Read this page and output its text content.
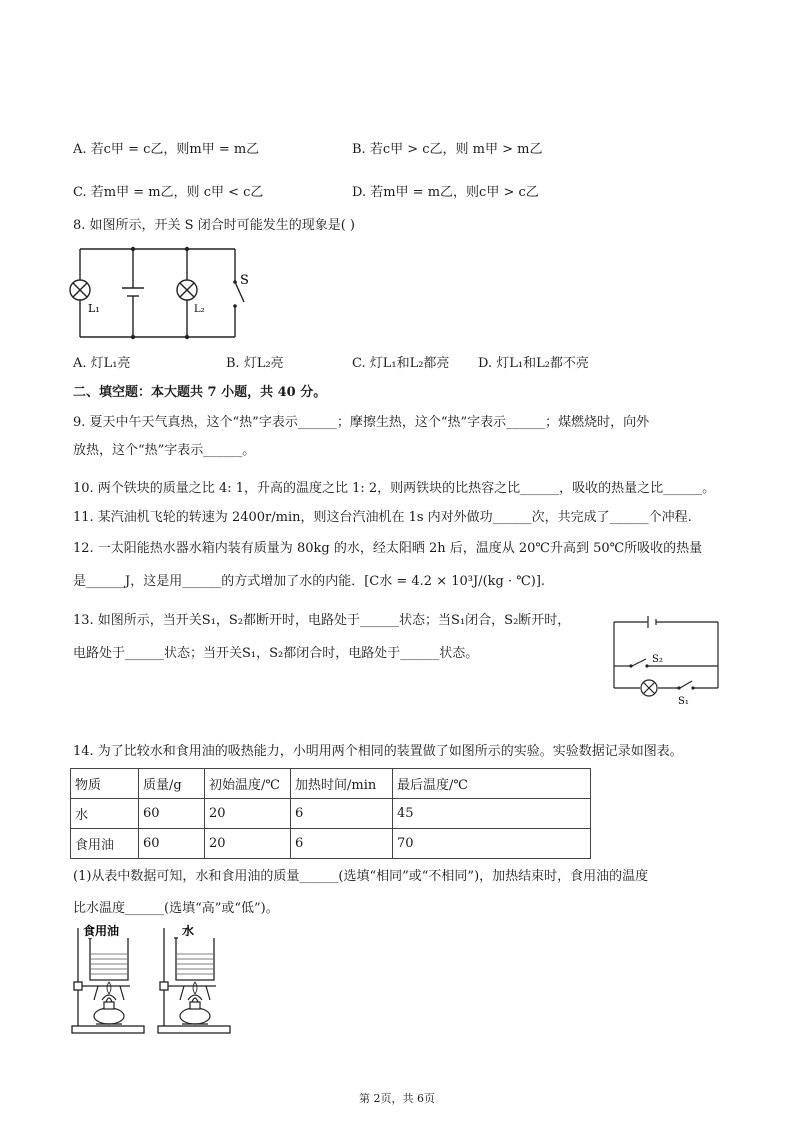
A. 若c甲 = c乙，则m甲 = m乙	B. 若c甲 > c乙，则 m甲 > m乙
C. 若m甲 = m乙，则 c甲 < c乙	D. 若m甲 = m乙，则c甲 > c乙
8. 如图所示，开关 S 闭合时可能发生的现象是( )
S
L₁	L₂
A. 灯L₁亮	B. 灯L₂亮	C. 灯L₁和L₂都亮 D. 灯L₁和L₂都不亮
二、填空题：本大题共 7 小题，共 40 分。
9. 夏天中午天气真热，这个“热”字表示______；摩擦生热，这个“热”字表示______；煤燃烧时，向外
放热，这个“热”字表示______。
10. 两个铁块的质量之比 4: 1，升高的温度之比 1: 2，则两铁块的比热容之比______，吸收的热量之比______。
11. 某汽油机飞轮的转速为 2400r/min，则这台汽油机在 1s 内对外做功______次，共完成了______个冲程.
12. 一太阳能热水器水箱内装有质量为 80kg 的水，经太阳晒 2h 后，温度从 20℃升高到 50℃所吸收的热量
是______J，这是用______的方式增加了水的内能．[C水 = 4.2 × 10³J/(kg · ℃)].
13. 如图所示，当开关S₁，S₂都断开时，电路处于______状态；当S₁闭合，S₂断开时，
电路处于______状态；当开关S₁，S₂都闭合时，电路处于______状态。	S₂
S₁
14. 为了比较水和食用油的吸热能力，小明用两个相同的装置做了如图所示的实验。实验数据记录如图表。
物质	质量/g	初始温度/℃	加热时间/min	最后温度/℃
水	60	20	6	45
食用油	60	20	6	70
(1)从表中数据可知，水和食用油的质量______(选填“相同”或“不相同”)，加热结束时，食用油的温度
比水温度______(选填“高”或“低”)。
食用油	水
第 2页，共 6页
